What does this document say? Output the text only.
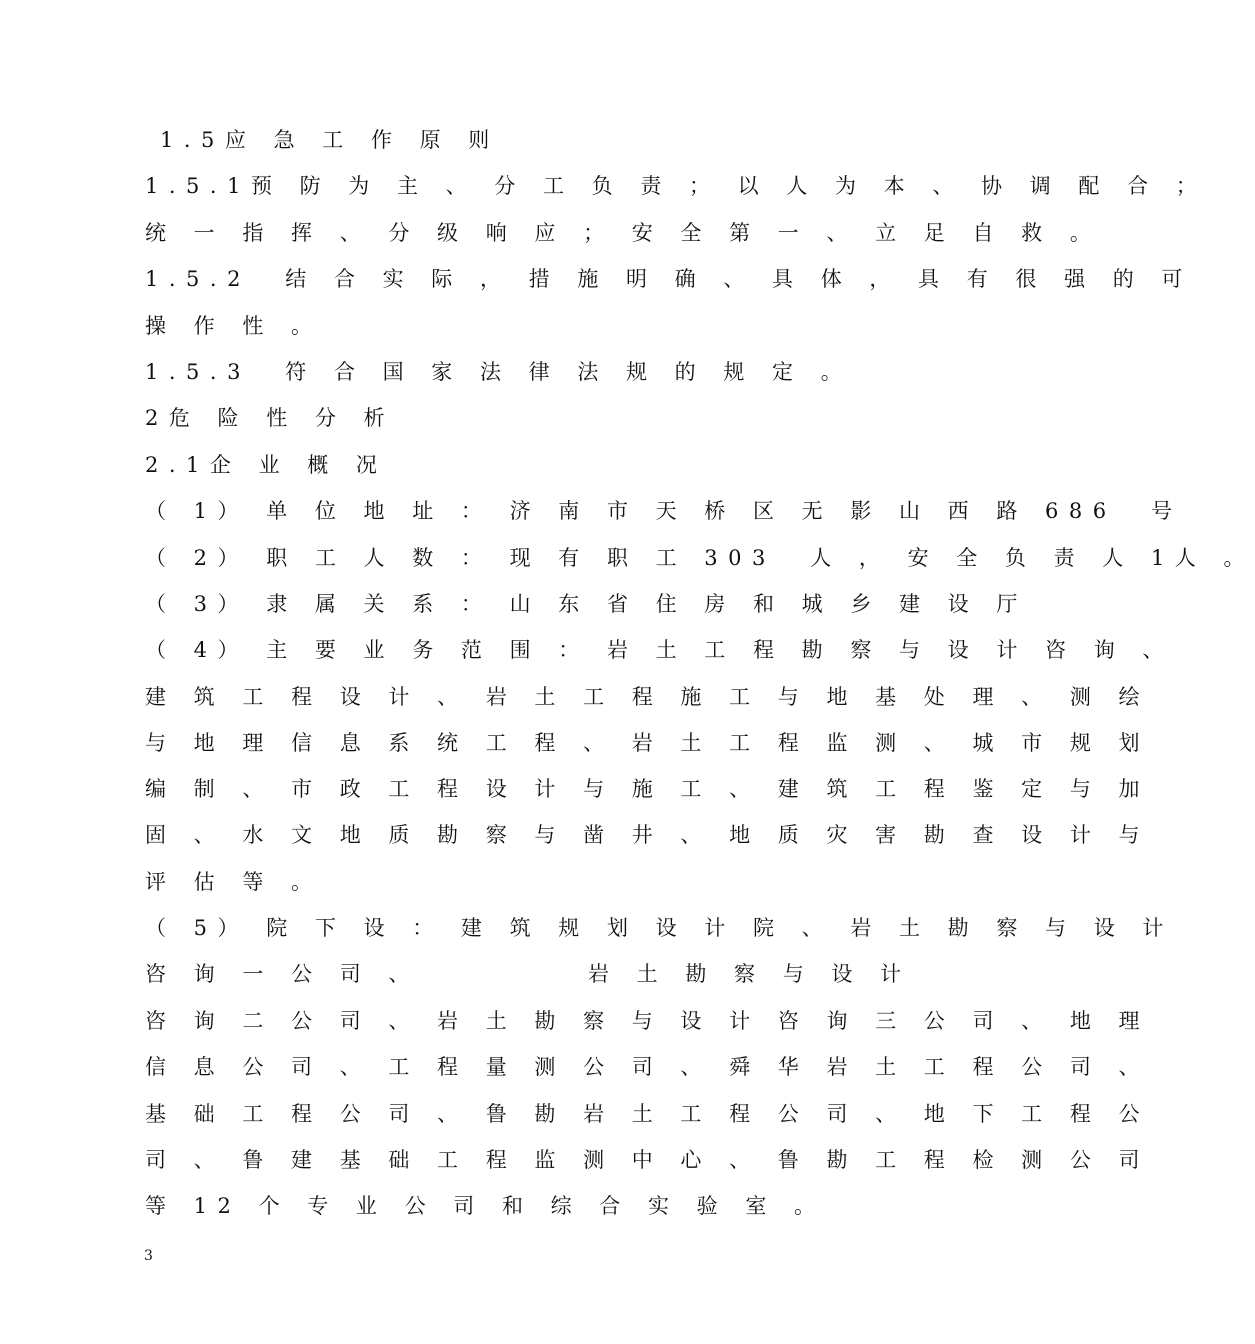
1.5应 急 工 作 原 则
1.5.1预 防 为 主 、 分 工 负 责 ； 以 人 为 本 、 协 调 配 合 ；
统 一 指 挥 、 分 级 响 应 ； 安 全 第 一 、 立 足 自 救 。
1.5.2  结 合 实 际 ， 措 施 明 确 、 具 体 ， 具 有 很 强 的 可
操 作 性 。
1.5.3  符 合 国 家 法 律 法 规 的 规 定 。
2危 险 性 分 析
2.1企 业 概 况
（ 1） 单 位 地 址 ： 济 南 市 天 桥 区 无 影 山 西 路 686  号
（ 2） 职 工 人 数 ： 现 有 职 工 303  人 ， 安 全 负 责 人 1人 。
（ 3） 隶 属 关 系 ： 山 东 省 住 房 和 城 乡 建 设 厅
（ 4） 主 要 业 务 范 围 ： 岩 土 工 程 勘 察 与 设 计 咨 询 、
建 筑 工 程 设 计 、 岩 土 工 程 施 工 与 地 基 处 理 、 测 绘
与 地 理 信 息 系 统 工 程 、 岩 土 工 程 监 测 、 城 市 规 划
编 制 、 市 政 工 程 设 计 与 施 工 、 建 筑 工 程 鉴 定 与 加
固 、 水 文 地 质 勘 察 与 凿 井 、 地 质 灾 害 勘 查 设 计 与
评 估 等 。
（ 5） 院 下 设 ： 建 筑 规 划 设 计 院 、 岩 土 勘 察 与 设 计
咨 询 一 公 司 、	岩 土 勘 察 与 设 计
咨 询 二 公 司 、 岩 土 勘 察 与 设 计 咨 询 三 公 司 、 地 理
信 息 公 司 、 工 程 量 测 公 司 、 舜 华 岩 土 工 程 公 司 、
基 础 工 程 公 司 、 鲁 勘 岩 土 工 程 公 司 、 地 下 工 程 公
司 、 鲁 建 基 础 工 程 监 测 中 心 、 鲁 勘 工 程 检 测 公 司
等 12 个 专 业 公 司 和 综 合 实 验 室 。
3
